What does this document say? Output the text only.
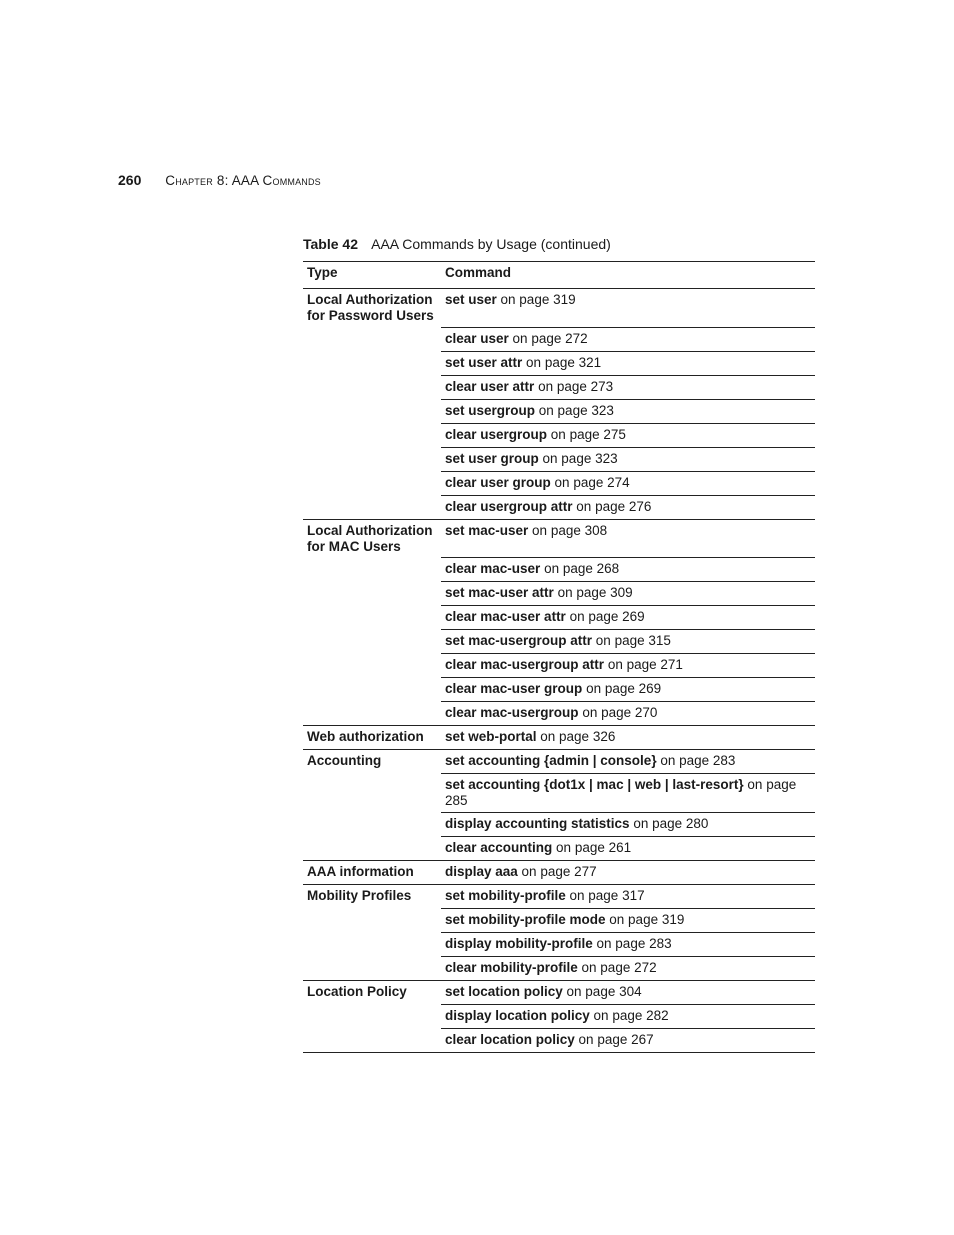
260 Chapter 8: AAA Commands
Table 42 AAA Commands by Usage (continued)
Type	Command
Local Authorization for Password Users	set user on page 319
	clear user on page 272
	set user attr on page 321
	clear user attr on page 273
	set usergroup on page 323
	clear usergroup on page 275
	set user group on page 323
	clear user group on page 274
	clear usergroup attr on page 276
Local Authorization for MAC Users	set mac-user on page 308
	clear mac-user on page 268
	set mac-user attr on page 309
	clear mac-user attr on page 269
	set mac-usergroup attr on page 315
	clear mac-usergroup attr on page 271
	clear mac-user group on page 269
	clear mac-usergroup on page 270
Web authorization	set web-portal on page 326
Accounting	set accounting {admin | console} on page 283
	set accounting {dot1x | mac | web | last-resort} on page 285
	display accounting statistics on page 280
	clear accounting on page 261
AAA information	display aaa on page 277
Mobility Profiles	set mobility-profile on page 317
	set mobility-profile mode on page 319
	display mobility-profile on page 283
	clear mobility-profile on page 272
Location Policy	set location policy on page 304
	display location policy on page 282
	clear location policy on page 267
